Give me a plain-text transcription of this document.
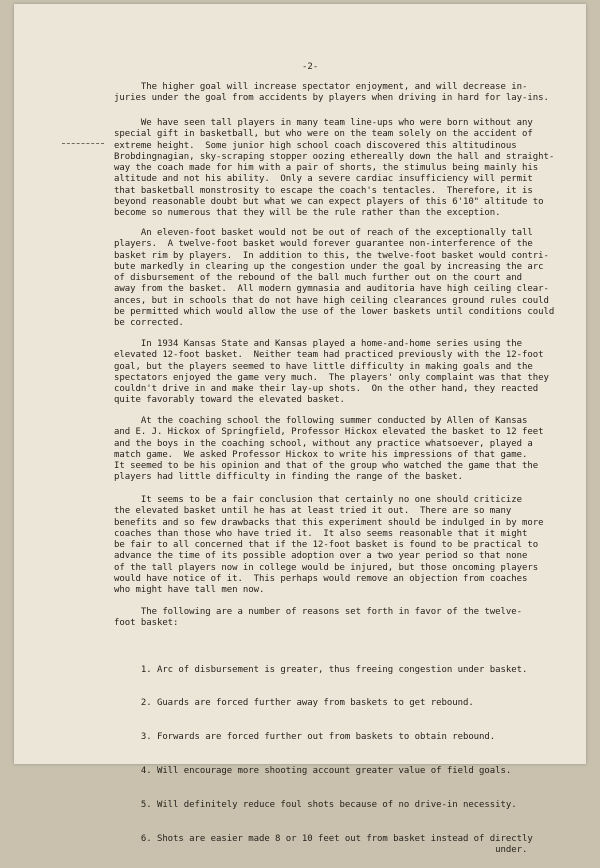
-2-

The higher goal will increase spectator enjoyment, and will decrease in-
juries under the goal from accidents by players when driving in hard for lay-ins.

We have seen tall players in many team line-ups who were born without any
special gift in basketball, but who were on the team solely on the accident of
extreme height.  Some junior high school coach discovered this altitudinous
Brobdingnagian, sky-scraping stopper oozing ethereally down the hall and straight-
way the coach made for him with a pair of shorts, the stimulus being mainly his
altitude and not his ability.  Only a severe cardiac insufficiency will permit
that basketball monstrosity to escape the coach's tentacles.  Therefore, it is
beyond reasonable doubt but what we can expect players of this 6'10" altitude to
become so numerous that they will be the rule rather than the exception.

An eleven-foot basket would not be out of reach of the exceptionally tall
players.  A twelve-foot basket would forever guarantee non-interference of the
basket rim by players.  In addition to this, the twelve-foot basket would contri-
bute markedly in clearing up the congestion under the goal by increasing the arc
of disbursement of the rebound of the ball much further out on the court and
away from the basket.  All modern gymnasia and auditoria have high ceiling clear-
ances, but in schools that do not have high ceiling clearances ground rules could
be permitted which would allow the use of the lower baskets until conditions could
be corrected.

In 1934 Kansas State and Kansas played a home-and-home series using the
elevated 12-foot basket.  Neither team had practiced previously with the 12-foot
goal, but the players seemed to have little difficulty in making goals and the
spectators enjoyed the game very much.  The players' only complaint was that they
couldn't drive in and make their lay-up shots.  On the other hand, they reacted
quite favorably toward the elevated basket.

At the coaching school the following summer conducted by Allen of Kansas
and E. J. Hickox of Springfield, Professor Hickox elevated the basket to 12 feet
and the boys in the coaching school, without any practice whatsoever, played a
match game.  We asked Professor Hickox to write his impressions of that game.
It seemed to be his opinion and that of the group who watched the game that the
players had little difficulty in finding the range of the basket.

It seems to be a fair conclusion that certainly no one should criticize
the elevated basket until he has at least tried it out.  There are so many
benefits and so few drawbacks that this experiment should be indulged in by more
coaches than those who have tried it.  It also seems reasonable that it might
be fair to all concerned that if the 12-foot basket is found to be practical to
advance the time of its possible adoption over a two year period so that none
of the tall players now in college would be injured, but those oncoming players
would have notice of it.  This perhaps would remove an objection from coaches
who might have tall men now.

The following are a number of reasons set forth in favor of the twelve-
foot basket:

1. Arc of disbursement is greater, thus freeing congestion under basket.

2. Guards are forced further away from baskets to get rebound.

3. Forwards are forced further out from baskets to obtain rebound.

4. Will encourage more shooting account greater value of field goals.

5. Will definitely reduce foul shots because of no drive-in necessity.

6. Shots are easier made 8 or 10 feet out from basket instead of directly
under.
